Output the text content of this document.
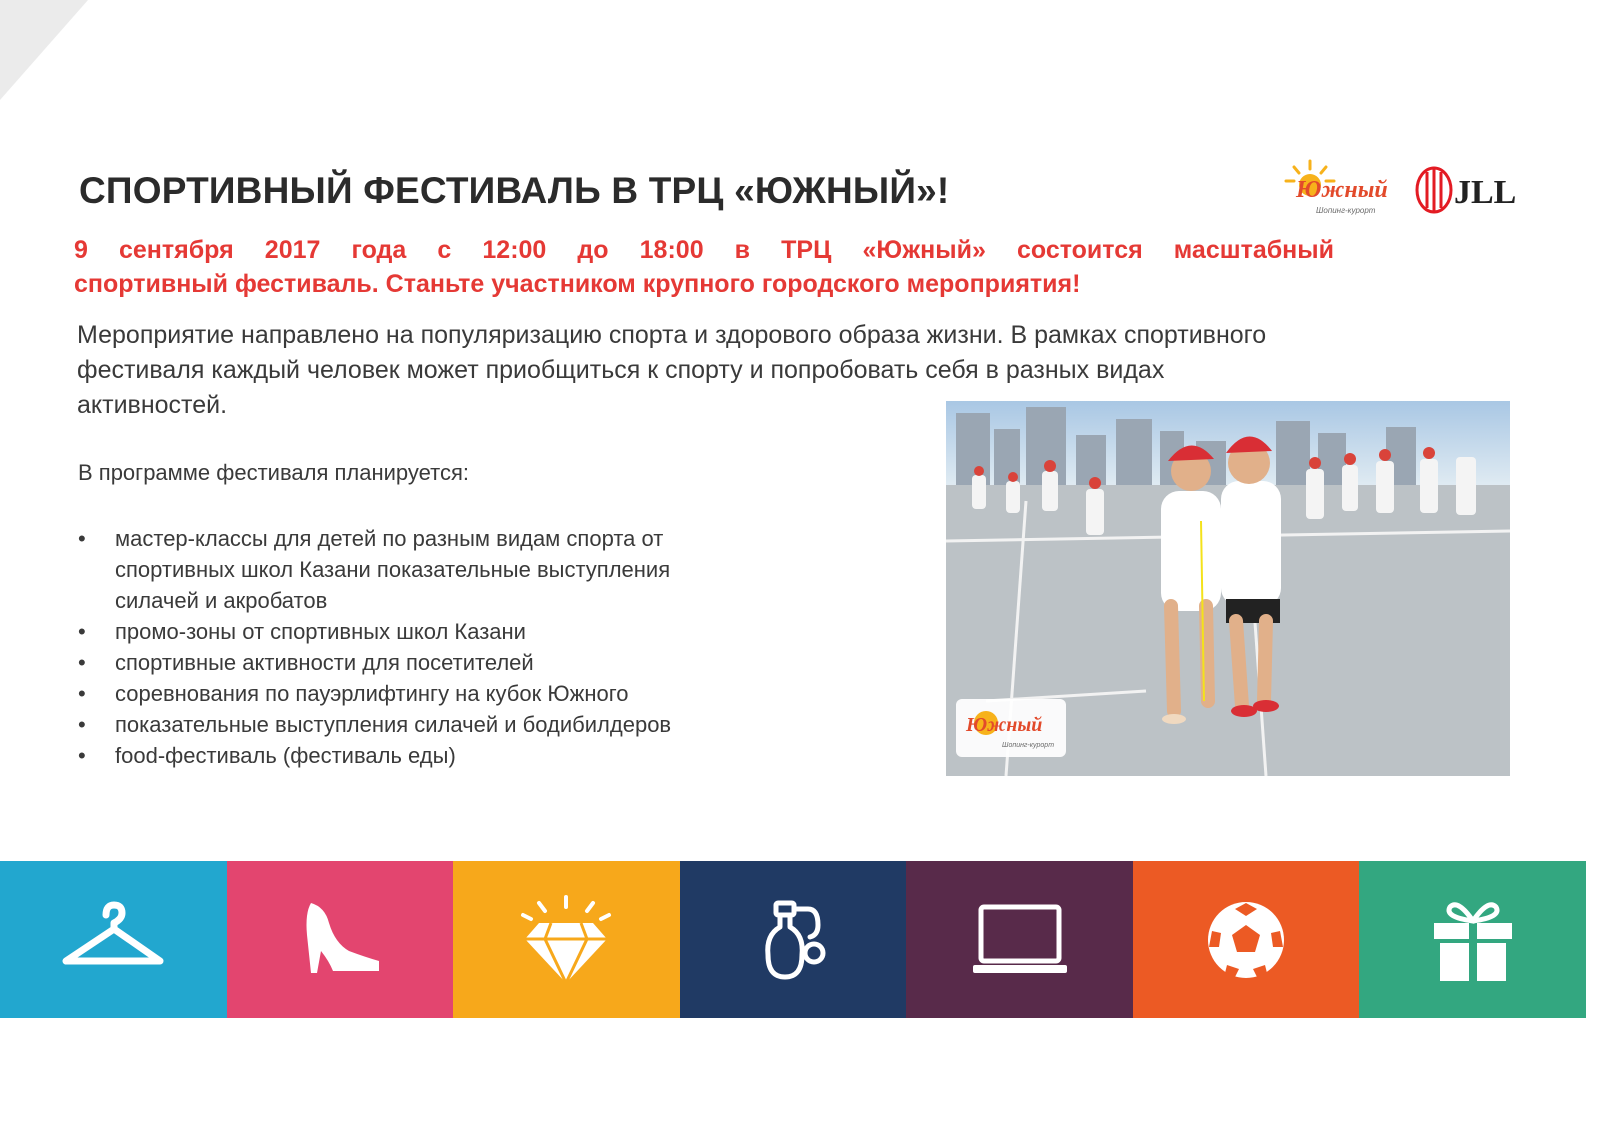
СПОРТИВНЫЙ ФЕСТИВАЛЬ В ТРЦ «ЮЖНЫЙ»!	Южный
Шопинг-курорт JLL

9 сентября 2017 года с 12:00 до 18:00 в ТРЦ «Южный» состоится масштабный
спортивный фестиваль. Станьте участником крупного городского мероприятия!

Мероприятие направлено на популяризацию спорта и здорового образа жизни. В рамках спортивного
фестиваля каждый человек может приобщиться к спорту и попробовать себя в разных видах
активностей.

В программе фестиваля планируется:

• мастер-классы для детей по разным видам спорта от
спортивных школ Казани показательные выступления
силачей и акробатов
• промо-зоны от спортивных школ Казани
• спортивные активности для посетителей
• соревнования по пауэрлифтингу на кубок Южного
• показательные выступления силачей и бодибилдеров
• food-фестиваль (фестиваль еды)
Южный
Шопинг-курорт
